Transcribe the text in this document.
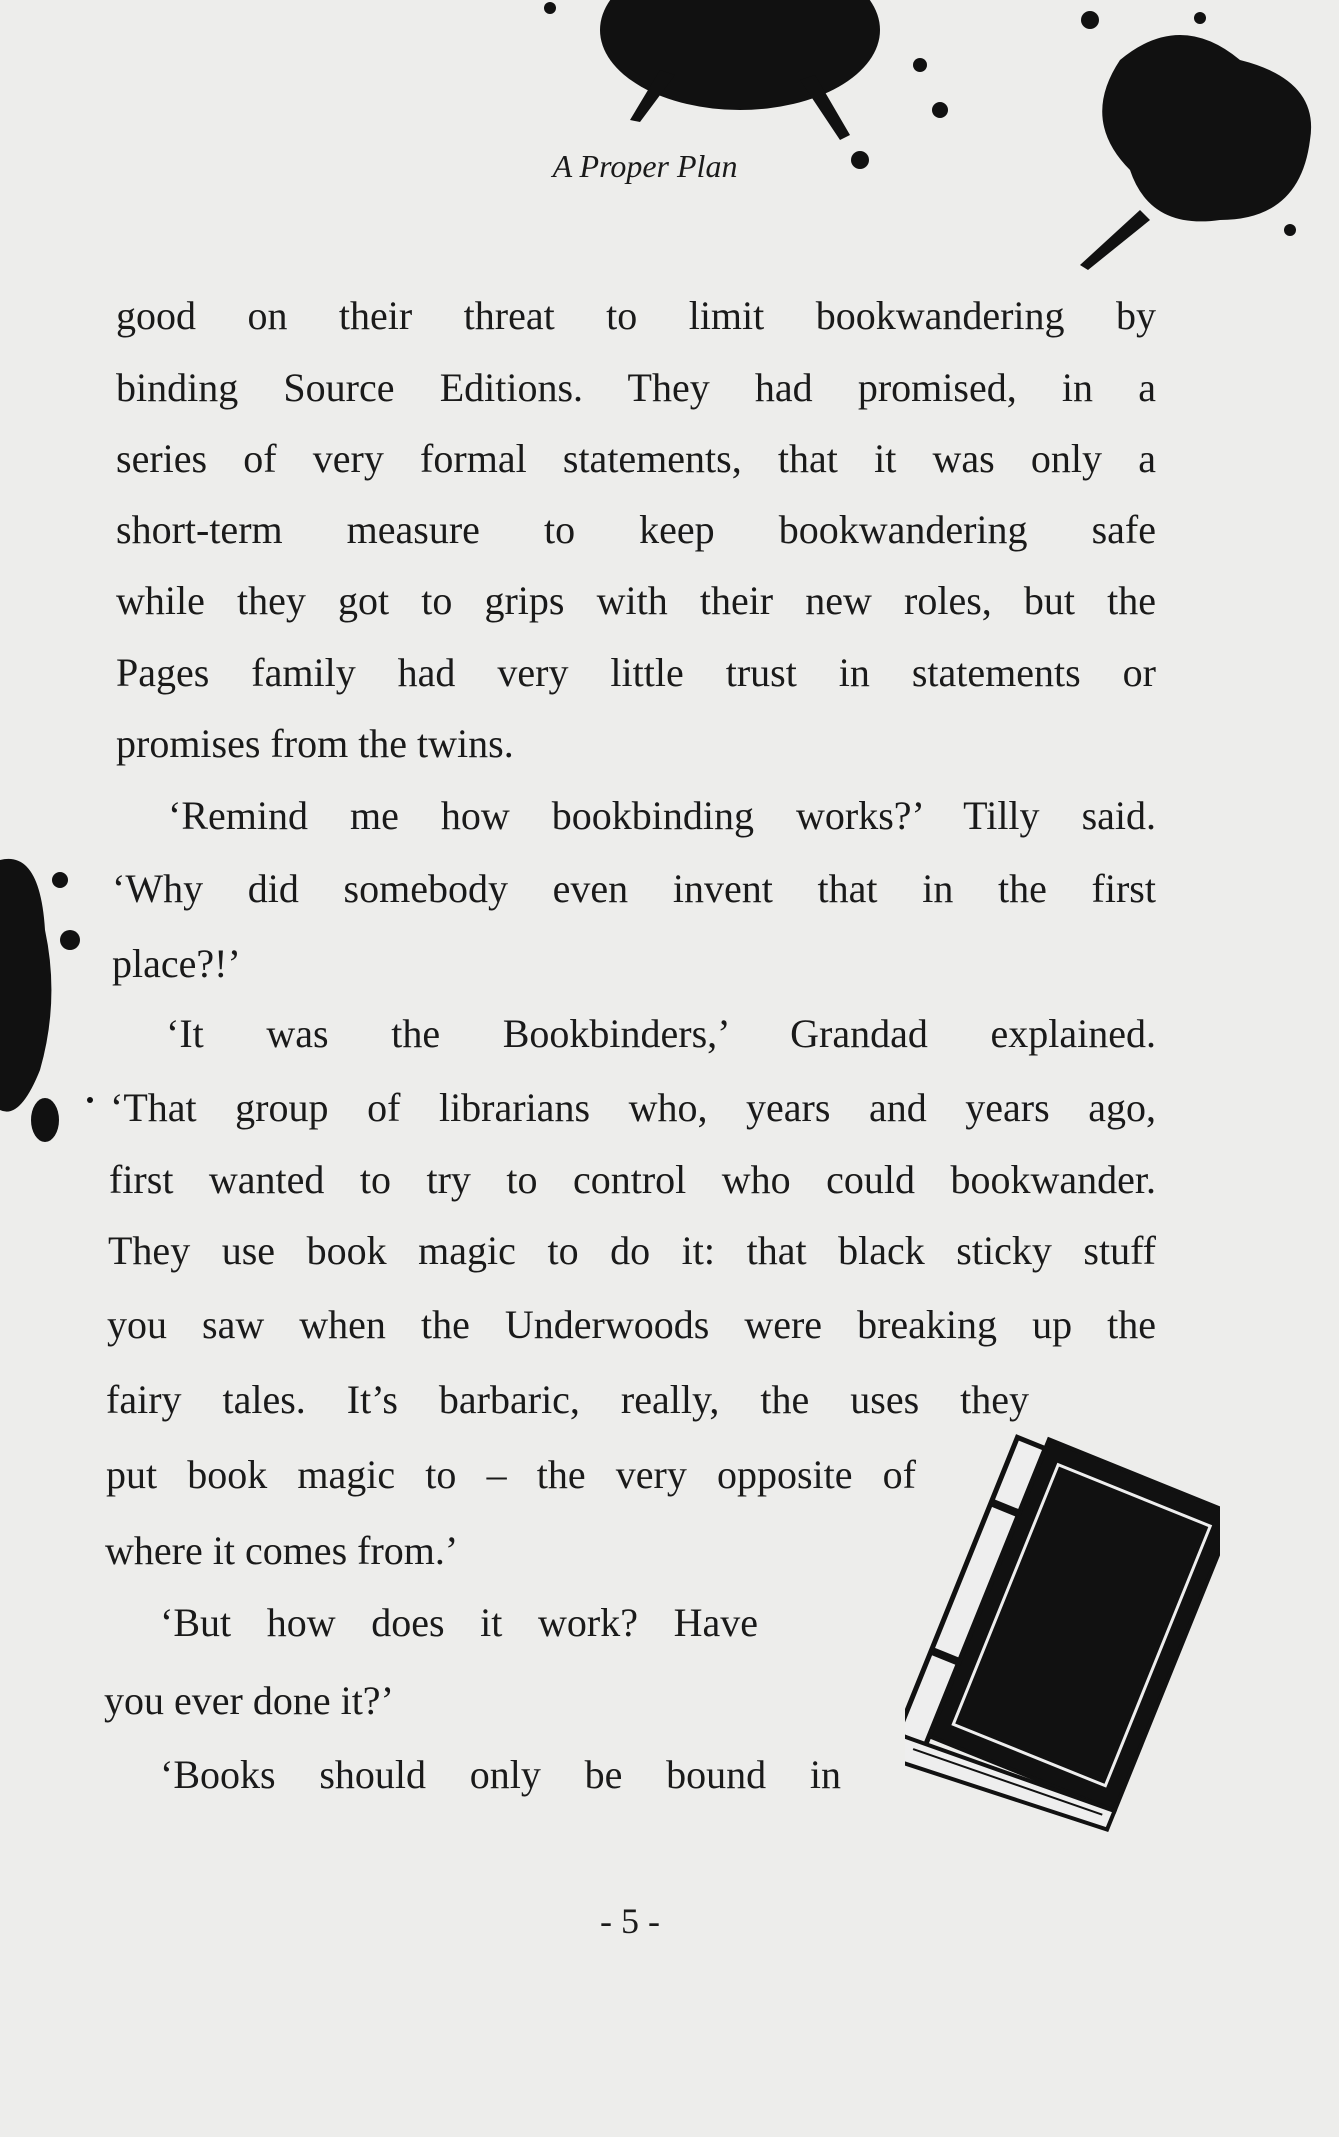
A Proper Plan
good on their threat to limit bookwandering by
binding Source Editions. They had promised, in a
series of very formal statements, that it was only a
short-term measure to keep bookwandering safe
while they got to grips with their new roles, but the
Pages family had very little trust in statements or
promises from the twins.
‘Remind me how bookbinding works?’ Tilly said.
‘Why did somebody even invent that in the first
place?!’
‘It was the Bookbinders,’ Grandad explained.
‘That group of librarians who, years and years ago,
first wanted to try to control who could bookwander.
They use book magic to do it: that black sticky stuff
you saw when the Underwoods were breaking up the
fairy tales. It’s barbaric, really, the uses they
put book magic to – the very opposite of
where it comes from.’
‘But how does it work? Have
you ever done it?’
‘Books should only be bound in
- 5 -
